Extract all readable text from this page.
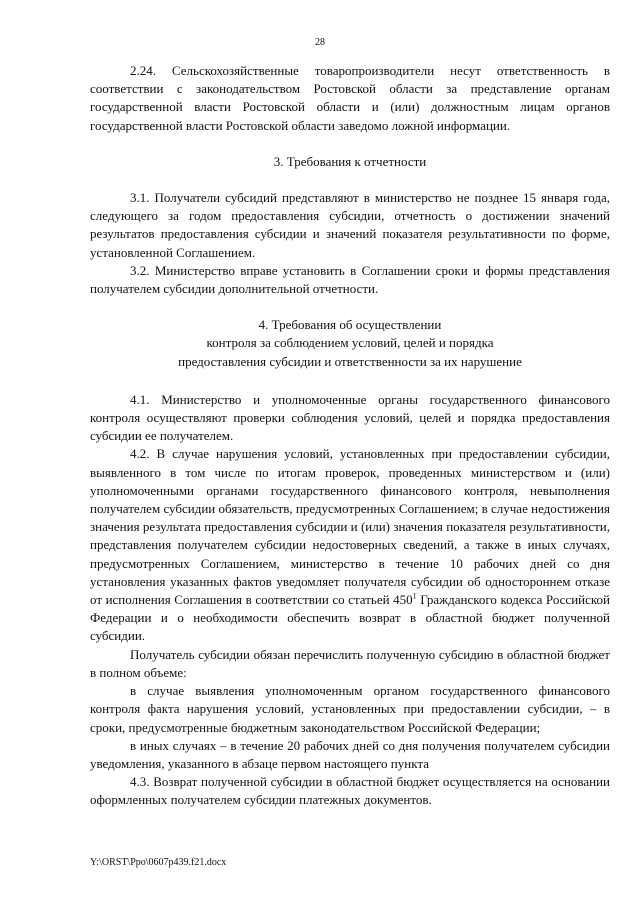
28

2.24. Сельскохозяйственные товаропроизводители несут ответственность в соответствии с законодательством Ростовской области за представление органам государственной власти Ростовской области и (или) должностным лицам органов государственной власти Ростовской области заведомо ложной информации.

3. Требования к отчетности

3.1. Получатели субсидий представляют в министерство не позднее 15 января года, следующего за годом предоставления субсидии, отчетность о достижении значений результатов предоставления субсидии и значений показателя результативности по форме, установленной Соглашением.

3.2. Министерство вправе установить в Соглашении сроки и формы представления получателем субсидии дополнительной отчетности.

4. Требования об осуществлении
контроля за соблюдением условий, целей и порядка
предоставления субсидии и ответственности за их нарушение

4.1. Министерство и уполномоченные органы государственного финансового контроля осуществляют проверки соблюдения условий, целей и порядка предоставления субсидии ее получателем.

4.2. В случае нарушения условий, установленных при предоставлении субсидии, выявленного в том числе по итогам проверок, проведенных министерством и (или) уполномоченными органами государственного финансового контроля, невыполнения получателем субсидии обязательств, предусмотренных Соглашением; в случае недостижения значения результата предоставления субсидии и (или) значения показателя результативности, представления получателем субсидии недостоверных сведений, а также в иных случаях, предусмотренных Соглашением, министерство в течение 10 рабочих дней со дня установления указанных фактов уведомляет получателя субсидии об одностороннем отказе от исполнения Соглашения в соответствии со статьей $450^1$ Гражданского кодекса Российской Федерации и о необходимости обеспечить возврат в областной бюджет полученной субсидии.

Получатель субсидии обязан перечислить полученную субсидию в областной бюджет в полном объеме:

в случае выявления уполномоченным органом государственного финансового контроля факта нарушения условий, установленных при предоставлении субсидии, – в сроки, предусмотренные бюджетным законодательством Российской Федерации;

в иных случаях – в течение 20 рабочих дней со дня получения получателем субсидии уведомления, указанного в абзаце первом настоящего пункта

4.3. Возврат полученной субсидии в областной бюджет осуществляется на основании оформленных получателем субсидии платежных документов.

Y:\ORST\Ppo\0607p439.f21.docx
